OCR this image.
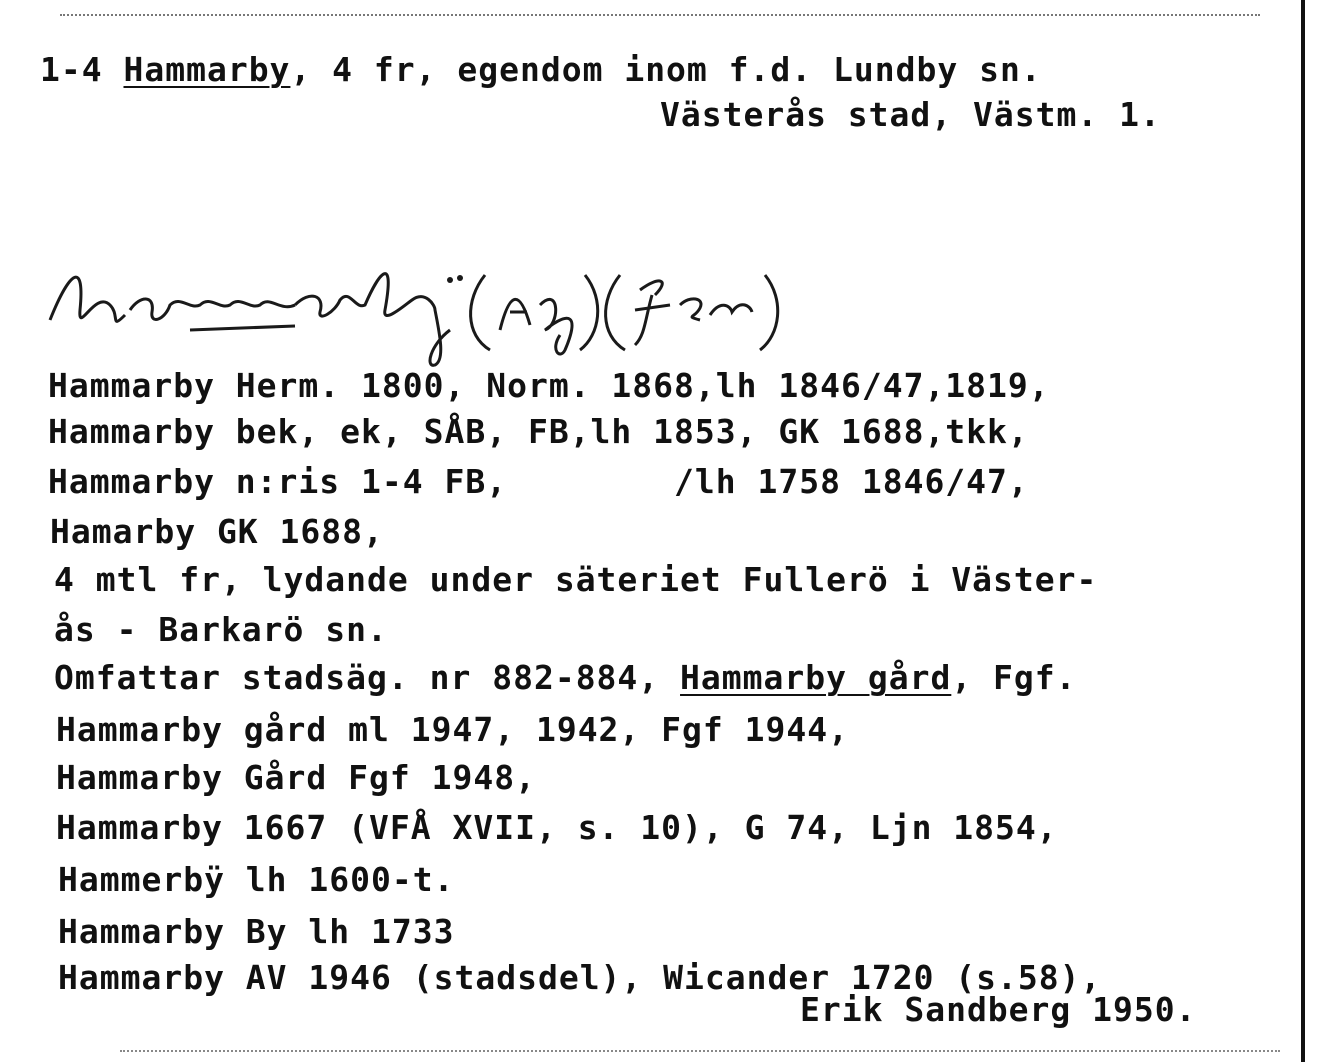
1-4 Hammarby, 4 fr, egendom inom f.d. Lundby sn.
Västerås stad, Västm. 1.
Hammarby Herm. 1800, Norm. 1868,lh 1846/47,1819,
Hammarby bek, ek, SÅB, FB,lh 1853, GK 1688,tkk,
Hammarby n:ris 1-4 FB,        /lh 1758 1846/47,
Hamarby GK 1688,
4 mtl fr, lydande under säteriet Fullerö i Väster-
ås - Barkarö sn.
Omfattar stadsäg. nr 882-884, Hammarby gård, Fgf.
Hammarby gård ml 1947, 1942, Fgf 1944,
Hammarby Gård Fgf 1948,
Hammarby 1667 (VFÅ XVII, s. 10), G 74, Ljn 1854,
Hammerbÿ lh 1600-t.
Hammarby By lh 1733
Hammarby AV 1946 (stadsdel), Wicander 1720 (s.58),
Erik Sandberg 1950.
